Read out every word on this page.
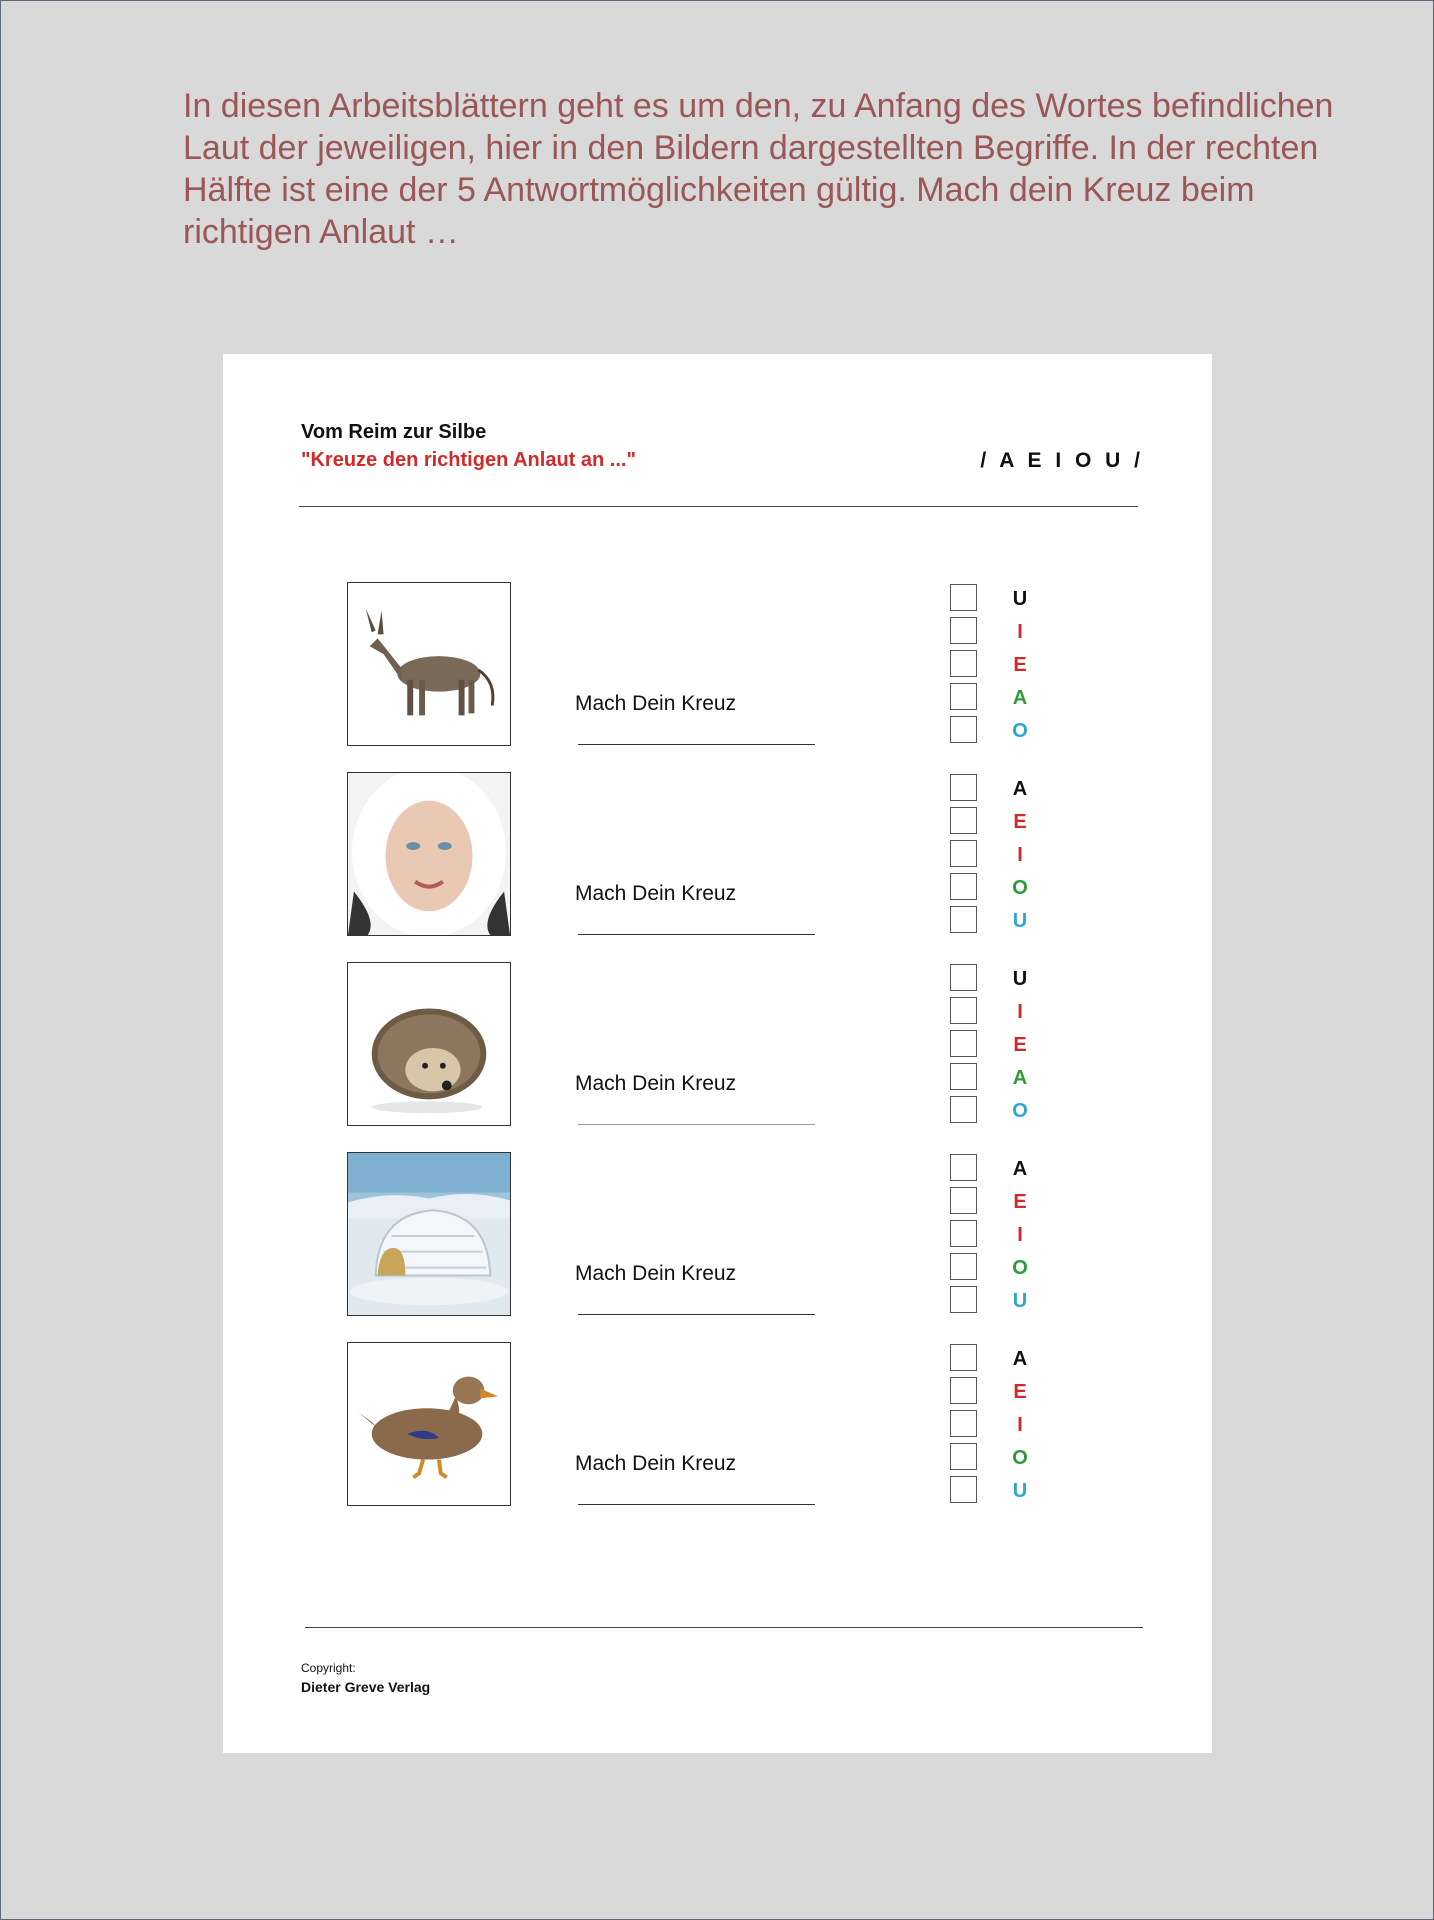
In diesen Arbeitsblättern geht es um den, zu Anfang des Wortes befindlichen Laut der jeweiligen, hier in den Bildern dargestellten Begriffe. In der rechten Hälfte ist eine der 5 Antwortmöglichkeiten gültig. Mach dein Kreuz beim richtigen Anlaut …
Vom Reim zur Silbe
"Kreuze den richtigen Anlaut an ..."	/ A E I O U /
Mach Dein Kreuz
U
I
E
A
O
Mach Dein Kreuz
A
E
I
O
U
Mach Dein Kreuz
U
I
E
A
O
Mach Dein Kreuz
A
E
I
O
U
Mach Dein Kreuz
A
E
I
O
U
Copyright:
Dieter Greve Verlag
